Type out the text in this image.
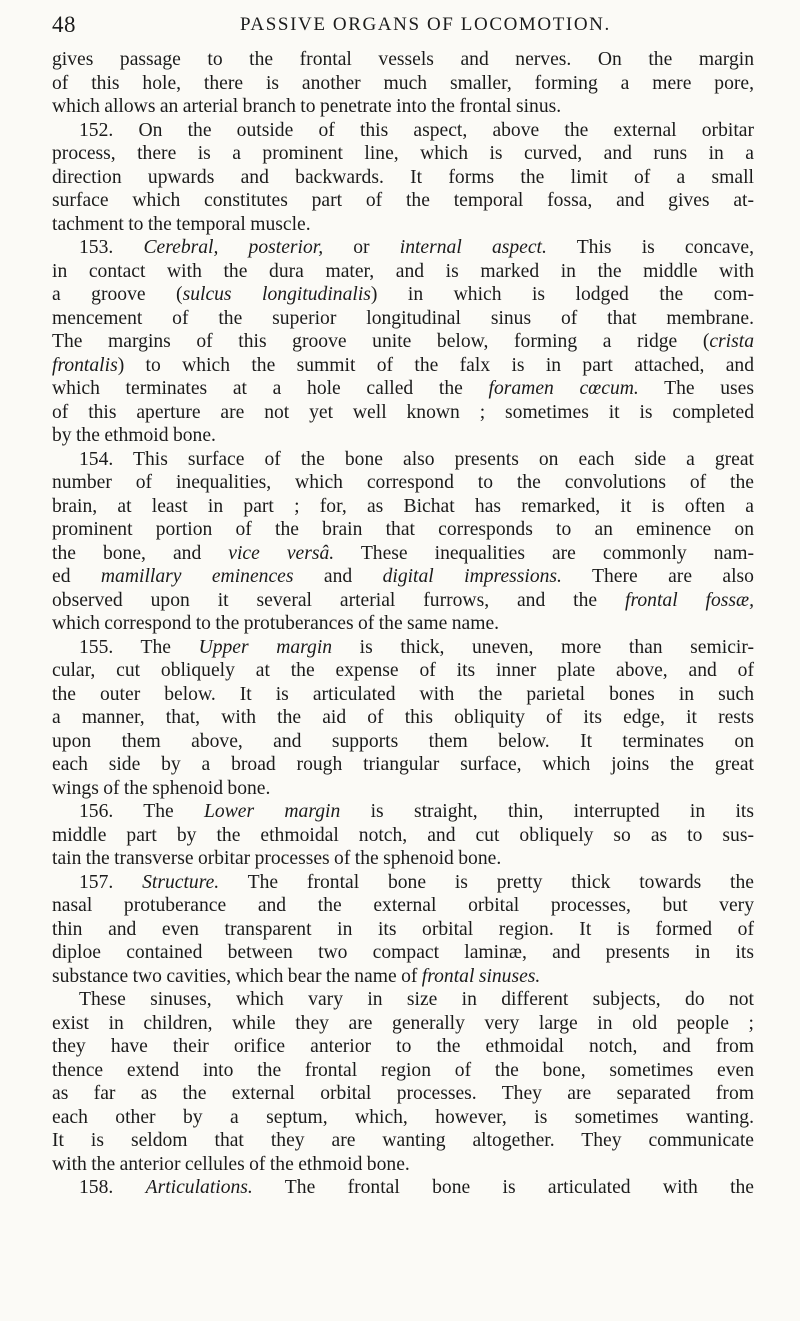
48	PASSIVE ORGANS OF LOCOMOTION.
gives passage to the frontal vessels and nerves. On the margin
of this hole, there is another much smaller, forming a mere pore,
which allows an arterial branch to penetrate into the frontal sinus.
152. On the outside of this aspect, above the external orbitar
process, there is a prominent line, which is curved, and runs in a
direction upwards and backwards. It forms the limit of a small
surface which constitutes part of the temporal fossa, and gives at-
tachment to the temporal muscle.
153. Cerebral, posterior, or internal aspect. This is concave,
in contact with the dura mater, and is marked in the middle with
a groove (sulcus longitudinalis) in which is lodged the com-
mencement of the superior longitudinal sinus of that membrane.
The margins of this groove unite below, forming a ridge (crista
frontalis) to which the summit of the falx is in part attached, and
which terminates at a hole called the foramen cœcum. The uses
of this aperture are not yet well known ; sometimes it is completed
by the ethmoid bone.
154. This surface of the bone also presents on each side a great
number of inequalities, which correspond to the convolutions of the
brain, at least in part ; for, as Bichat has remarked, it is often a
prominent portion of the brain that corresponds to an eminence on
the bone, and vice versâ. These inequalities are commonly nam-
ed mamillary eminences and digital impressions. There are also
observed upon it several arterial furrows, and the frontal fossæ,
which correspond to the protuberances of the same name.
155. The Upper margin is thick, uneven, more than semicir-
cular, cut obliquely at the expense of its inner plate above, and of
the outer below. It is articulated with the parietal bones in such
a manner, that, with the aid of this obliquity of its edge, it rests
upon them above, and supports them below. It terminates on
each side by a broad rough triangular surface, which joins the great
wings of the sphenoid bone.
156. The Lower margin is straight, thin, interrupted in its
middle part by the ethmoidal notch, and cut obliquely so as to sus-
tain the transverse orbitar processes of the sphenoid bone.
157. Structure. The frontal bone is pretty thick towards the
nasal protuberance and the external orbital processes, but very
thin and even transparent in its orbital region. It is formed of
diploe contained between two compact laminæ, and presents in its
substance two cavities, which bear the name of frontal sinuses.
These sinuses, which vary in size in different subjects, do not
exist in children, while they are generally very large in old people ;
they have their orifice anterior to the ethmoidal notch, and from
thence extend into the frontal region of the bone, sometimes even
as far as the external orbital processes. They are separated from
each other by a septum, which, however, is sometimes wanting.
It is seldom that they are wanting altogether. They communicate
with the anterior cellules of the ethmoid bone.
158. Articulations. The frontal bone is articulated with the
